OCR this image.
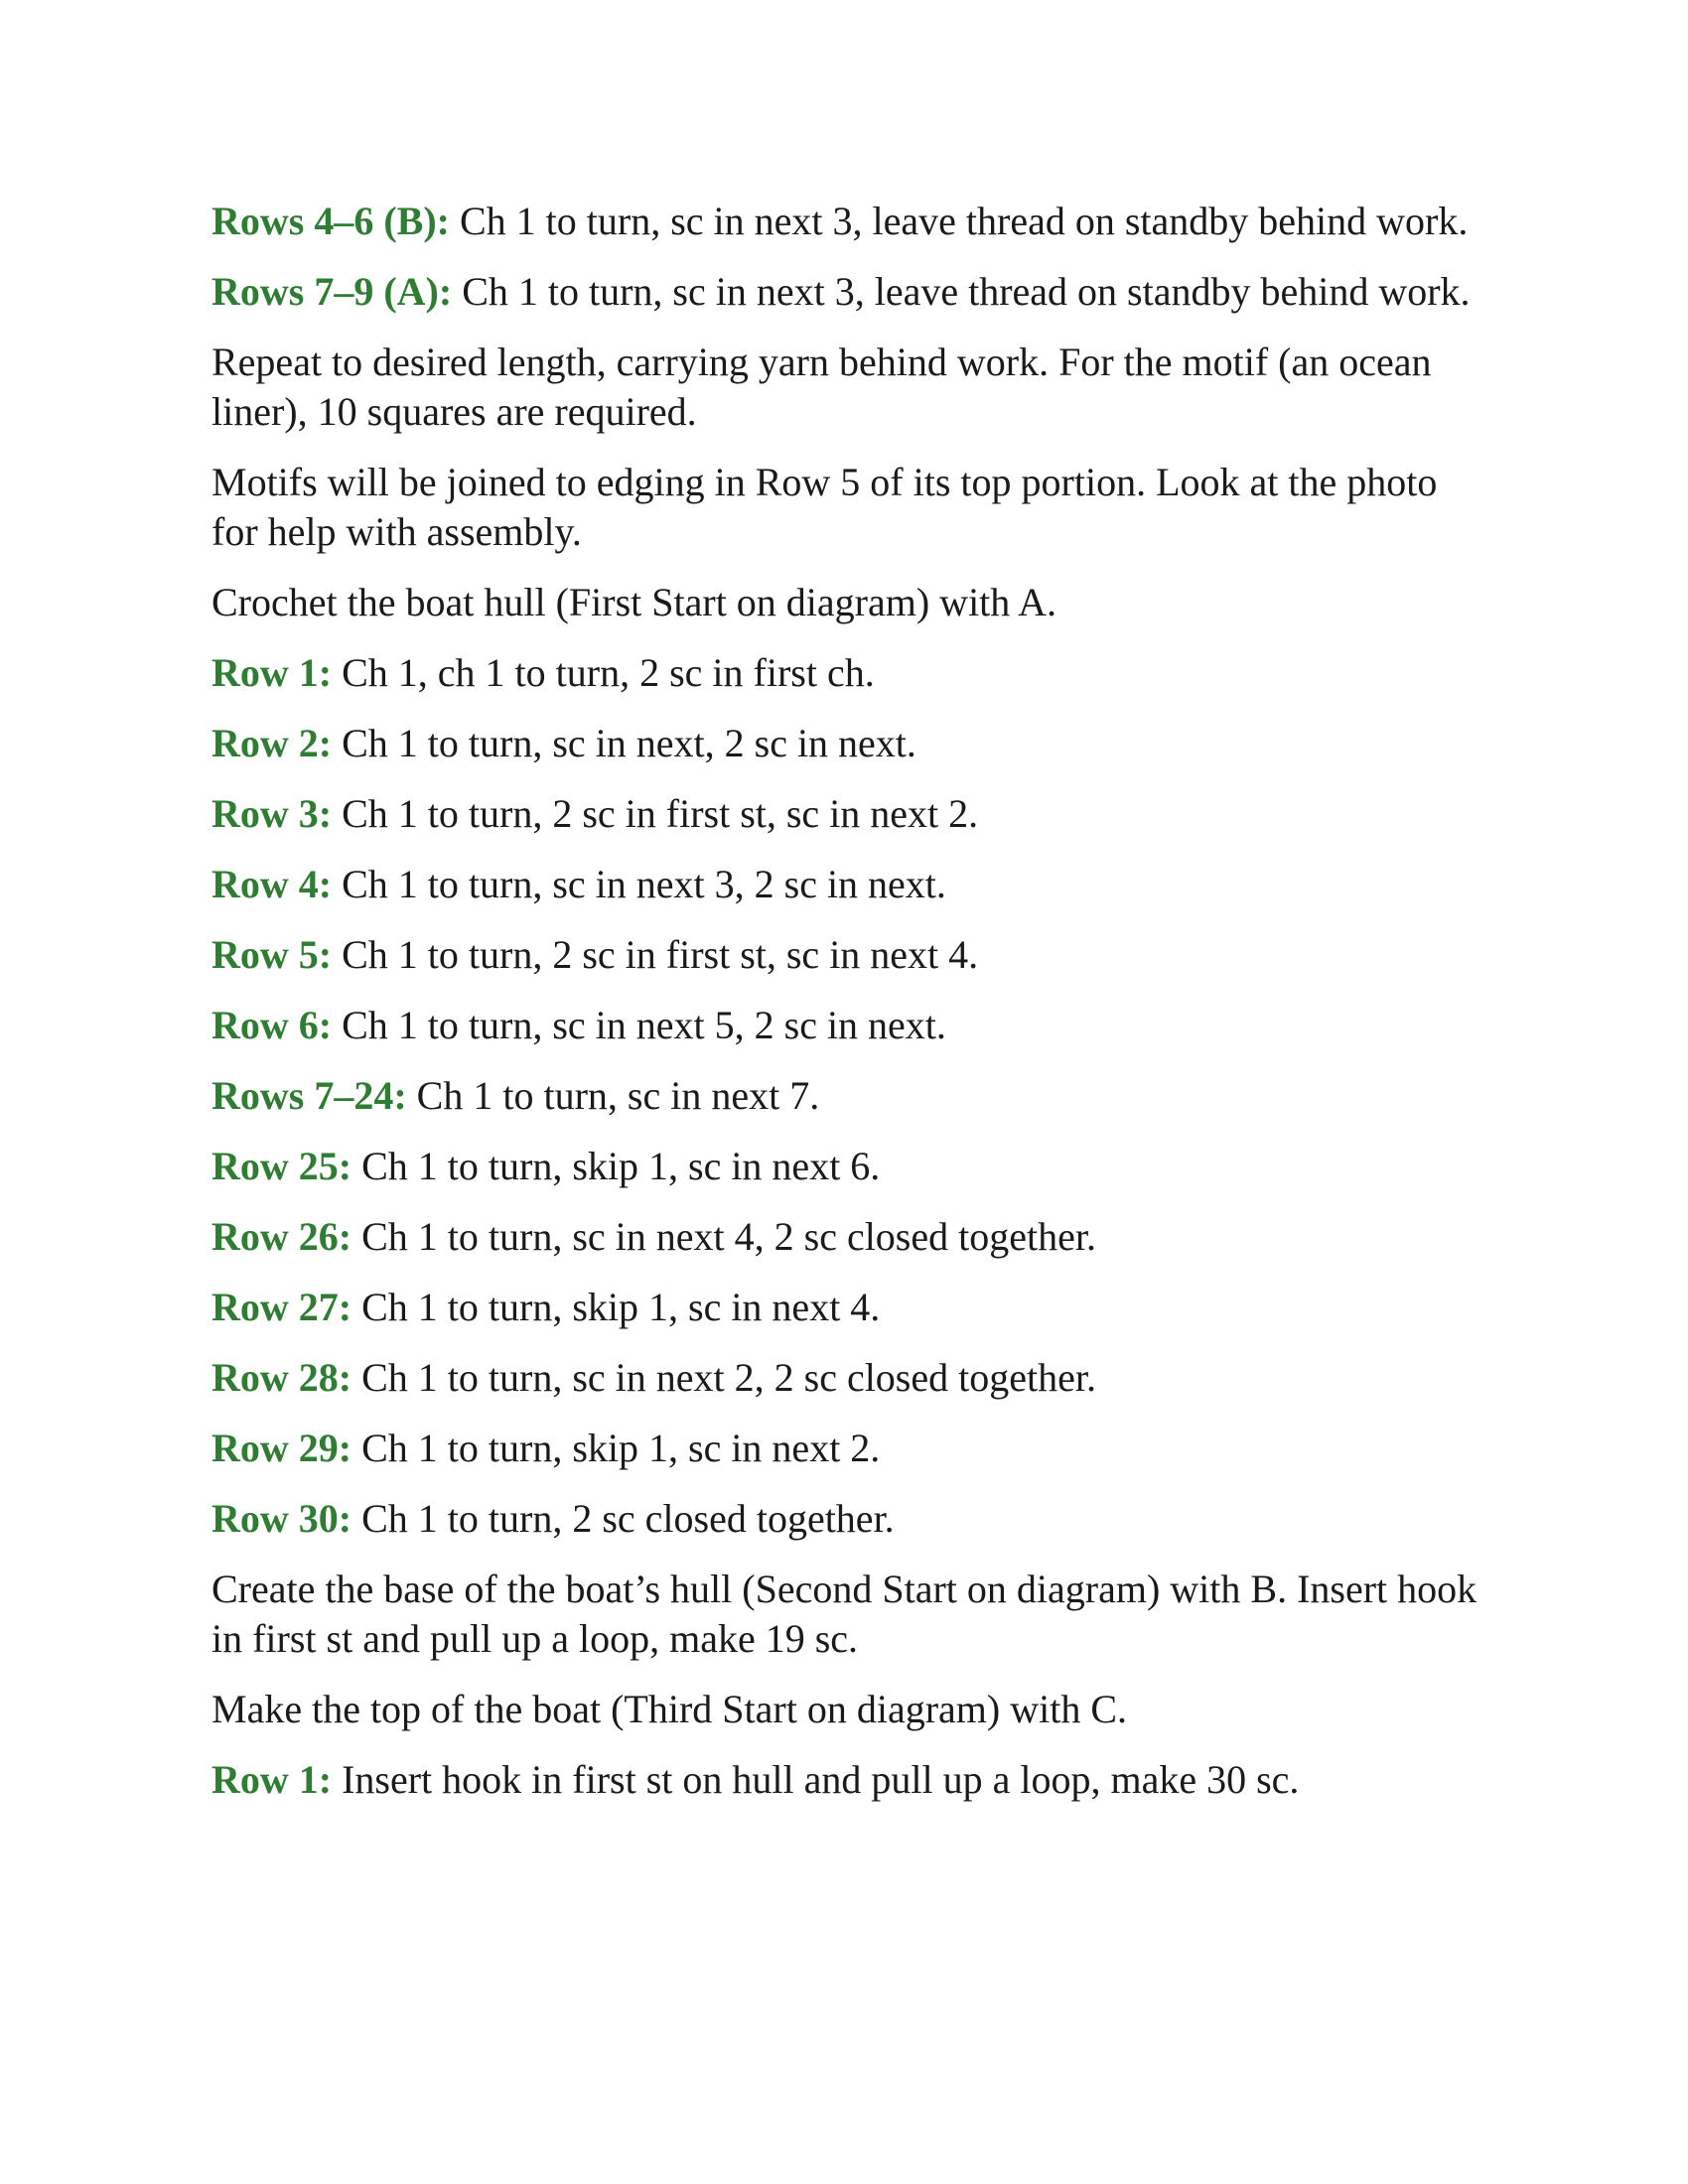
Rows 4–6 (B): Ch 1 to turn, sc in next 3, leave thread on standby behind work.

Rows 7–9 (A): Ch 1 to turn, sc in next 3, leave thread on standby behind work.

Repeat to desired length, carrying yarn behind work. For the motif (an ocean liner), 10 squares are required.

Motifs will be joined to edging in Row 5 of its top portion. Look at the photo for help with assembly.

Crochet the boat hull (First Start on diagram) with A.

Row 1: Ch 1, ch 1 to turn, 2 sc in first ch.

Row 2: Ch 1 to turn, sc in next, 2 sc in next.

Row 3: Ch 1 to turn, 2 sc in first st, sc in next 2.

Row 4: Ch 1 to turn, sc in next 3, 2 sc in next.

Row 5: Ch 1 to turn, 2 sc in first st, sc in next 4.

Row 6: Ch 1 to turn, sc in next 5, 2 sc in next.

Rows 7–24: Ch 1 to turn, sc in next 7.

Row 25: Ch 1 to turn, skip 1, sc in next 6.

Row 26: Ch 1 to turn, sc in next 4, 2 sc closed together.

Row 27: Ch 1 to turn, skip 1, sc in next 4.

Row 28: Ch 1 to turn, sc in next 2, 2 sc closed together.

Row 29: Ch 1 to turn, skip 1, sc in next 2.

Row 30: Ch 1 to turn, 2 sc closed together.

Create the base of the boat’s hull (Second Start on diagram) with B. Insert hook in first st and pull up a loop, make 19 sc.

Make the top of the boat (Third Start on diagram) with C.

Row 1: Insert hook in first st on hull and pull up a loop, make 30 sc.
